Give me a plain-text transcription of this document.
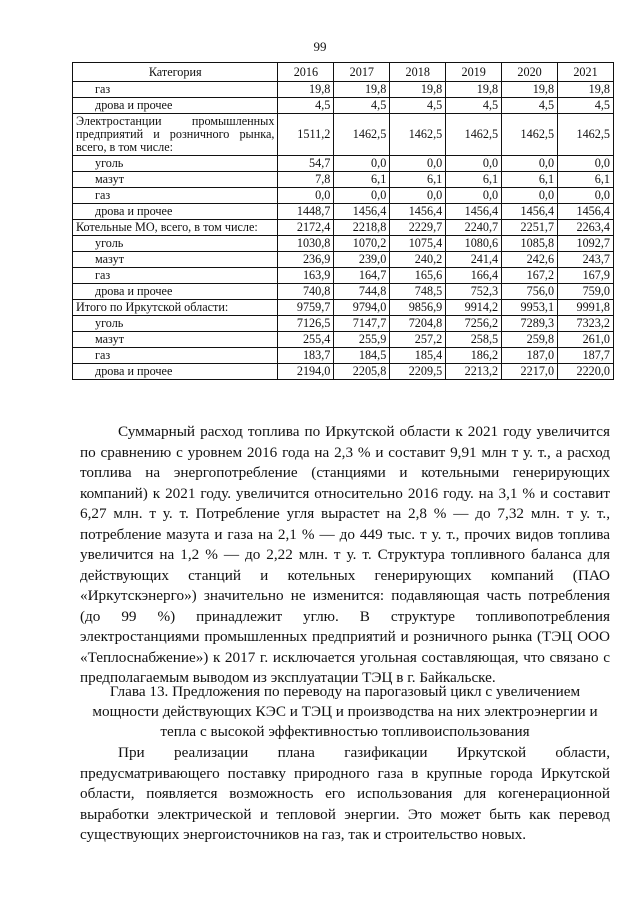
99
Категория	2016	2017	2018	2019	2020	2021
газ	19,8	19,8	19,8	19,8	19,8	19,8
дрова и прочее	4,5	4,5	4,5	4,5	4,5	4,5
Электростанции промышленных предприятий и розничного рынка, всего, в том числе:	1511,2	1462,5	1462,5	1462,5	1462,5	1462,5
уголь	54,7	0,0	0,0	0,0	0,0	0,0
мазут	7,8	6,1	6,1	6,1	6,1	6,1
газ	0,0	0,0	0,0	0,0	0,0	0,0
дрова и прочее	1448,7	1456,4	1456,4	1456,4	1456,4	1456,4
Котельные МО, всего, в том числе:	2172,4	2218,8	2229,7	2240,7	2251,7	2263,4
уголь	1030,8	1070,2	1075,4	1080,6	1085,8	1092,7
мазут	236,9	239,0	240,2	241,4	242,6	243,7
газ	163,9	164,7	165,6	166,4	167,2	167,9
дрова и прочее	740,8	744,8	748,5	752,3	756,0	759,0
Итого по Иркутской области:	9759,7	9794,0	9856,9	9914,2	9953,1	9991,8
уголь	7126,5	7147,7	7204,8	7256,2	7289,3	7323,2
мазут	255,4	255,9	257,2	258,5	259,8	261,0
газ	183,7	184,5	185,4	186,2	187,0	187,7
дрова и прочее	2194,0	2205,8	2209,5	2213,2	2217,0	2220,0
Суммарный расход топлива по Иркутской области к 2021 году увеличится по сравнению с уровнем 2016 года на 2,3 % и составит 9,91 млн т у. т., а расход топлива на энергопотребление (станциями и котельными генерирующих компаний) к 2021 году. увеличится относительно 2016 году. на 3,1 % и составит 6,27 млн. т у. т. Потребление угля вырастет на 2,8 % — до 7,32 млн. т у. т., потребление мазута и газа на 2,1 % — до 449 тыс. т у. т., прочих видов топлива увеличится на 1,2 % — до 2,22 млн. т у. т. Структура топливного баланса для действующих станций и котельных генерирующих компаний (ПАО «Иркутскэнерго») значительно не изменится: подавляющая часть потребления (до 99 %) принадлежит углю. В структуре топливопотребления электростанциями промышленных предприятий и розничного рынка (ТЭЦ ООО «Теплоснабжение») к 2017 г. исключается угольная составляющая, что связано с предполагаемым выводом из эксплуатации ТЭЦ в г. Байкальске.
Глава 13. Предложения по переводу на парогазовый цикл с увеличением мощности действующих КЭС и ТЭЦ и производства на них электроэнергии и тепла с высокой эффективностью топливоиспользования
При реализации плана газификации Иркутской области, предусматривающего поставку природного газа в крупные города Иркутской области, появляется возможность его использования для когенерационной выработки электрической и тепловой энергии. Это может быть как перевод существующих энергоисточников на газ, так и строительство новых.
